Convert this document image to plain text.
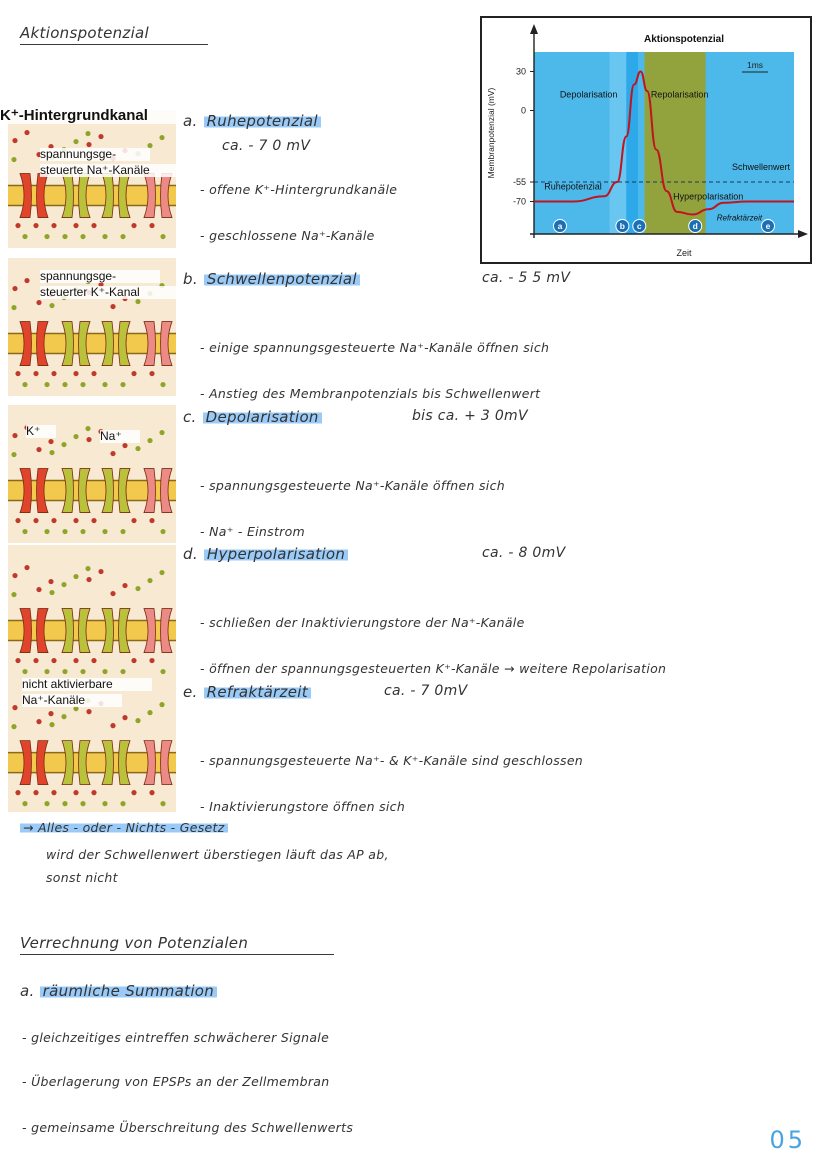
Aktionspotenzial
K⁺-Hintergrundkanal
spannungsge-
steuerte Na⁺-Kanäle
spannungsge-
steuerter K⁺-Kanal
K⁺	Na⁺
nicht aktivierbare
Na⁺-Kanäle
30
0
-55
-70
Aktionspotenzial
Zeit
Membranpotenzial (mV)
1ms
Depolarisation	Repolarisation
Schwellenwert
Ruhepotenzial
Hyperpolarisation
Refraktärzeit
a	b c	d	e
a. Ruhepotenzial
ca. - 7 0 mV
- offene K⁺-Hintergrundkanäle
- geschlossene Na⁺-Kanäle
b. Schwellenpotenzial	ca. - 5 5 mV
- einige spannungsgesteuerte Na⁺-Kanäle öffnen sich
- Anstieg des Membranpotenzials bis Schwellenwert
c. Depolarisation	bis ca. + 3 0mV
- spannungsgesteuerte Na⁺-Kanäle öffnen sich
- Na⁺ - Einstrom
d. Hyperpolarisation	ca. - 8 0mV
- schließen der Inaktivierungstore der Na⁺-Kanäle
- öffnen der spannungsgesteuerten K⁺-Kanäle → weitere Repolarisation
e. Refraktärzeit	ca. - 7 0mV
- spannungsgesteuerte Na⁺- & K⁺-Kanäle sind geschlossen
- Inaktivierungstore öffnen sich
→ Alles - oder - Nichts - Gesetz
wird der Schwellenwert überstiegen läuft das AP ab,
sonst nicht
Verrechnung von Potenzialen
a. räumliche Summation
- gleichzeitiges eintreffen schwächerer Signale
- Überlagerung von EPSPs an der Zellmembran
- gemeinsame Überschreitung des Schwellenwerts	05
